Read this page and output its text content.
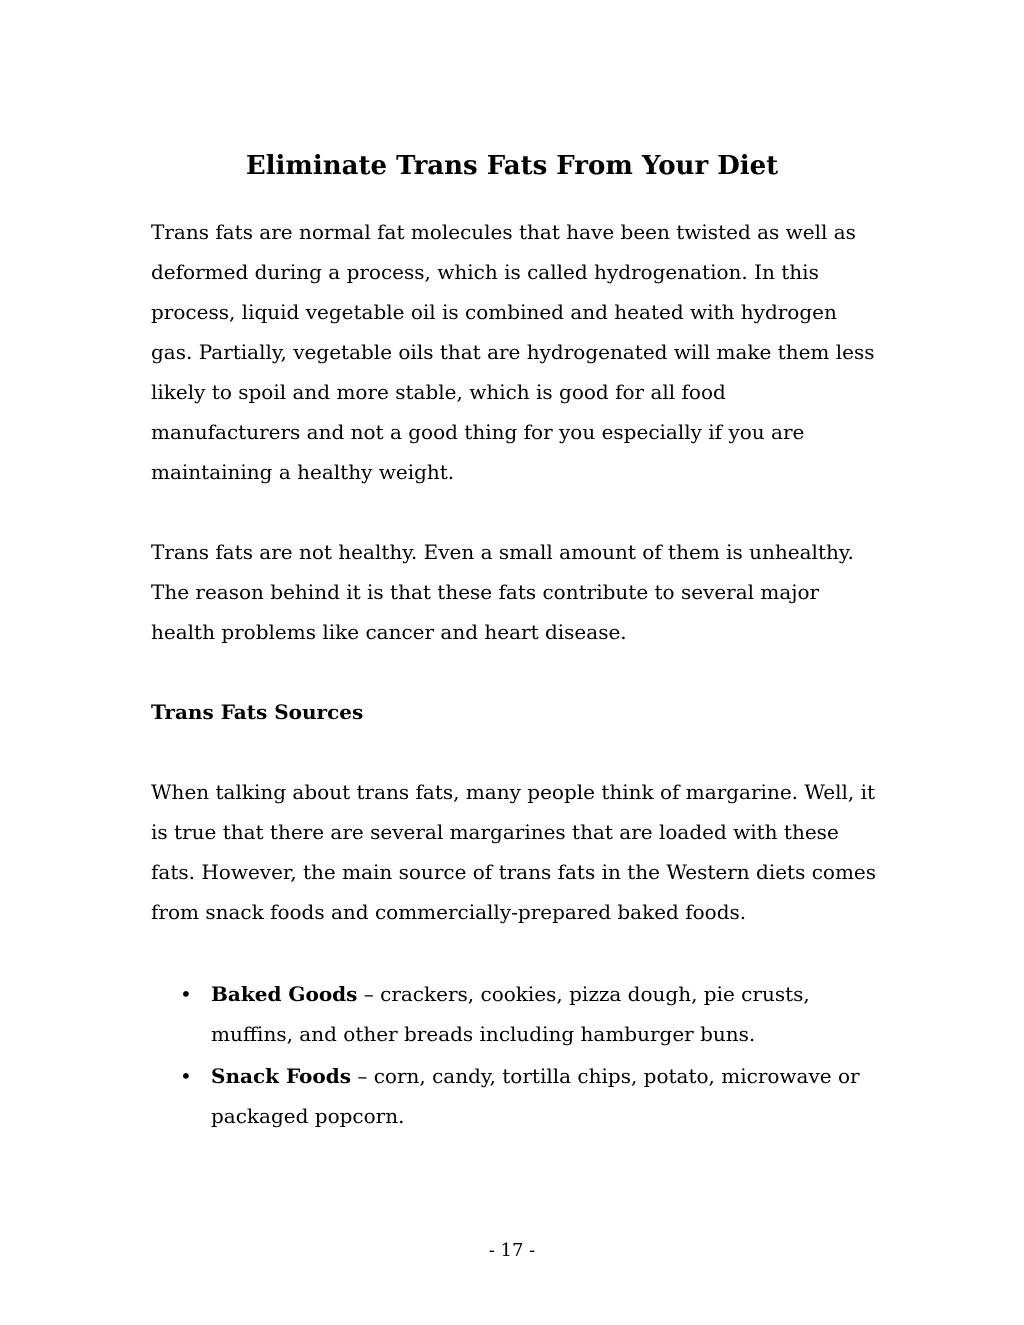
Eliminate Trans Fats From Your Diet

Trans fats are normal fat molecules that have been twisted as well as deformed during a process, which is called hydrogenation. In this process, liquid vegetable oil is combined and heated with hydrogen gas. Partially, vegetable oils that are hydrogenated will make them less likely to spoil and more stable, which is good for all food manufacturers and not a good thing for you especially if you are maintaining a healthy weight.

Trans fats are not healthy. Even a small amount of them is unhealthy. The reason behind it is that these fats contribute to several major health problems like cancer and heart disease.

Trans Fats Sources

When talking about trans fats, many people think of margarine. Well, it is true that there are several margarines that are loaded with these fats. However, the main source of trans fats in the Western diets comes from snack foods and commercially-prepared baked foods.

• Baked Goods – crackers, cookies, pizza dough, pie crusts, muffins, and other breads including hamburger buns.
• Snack Foods – corn, candy, tortilla chips, potato, microwave or packaged popcorn.
- 17 -
